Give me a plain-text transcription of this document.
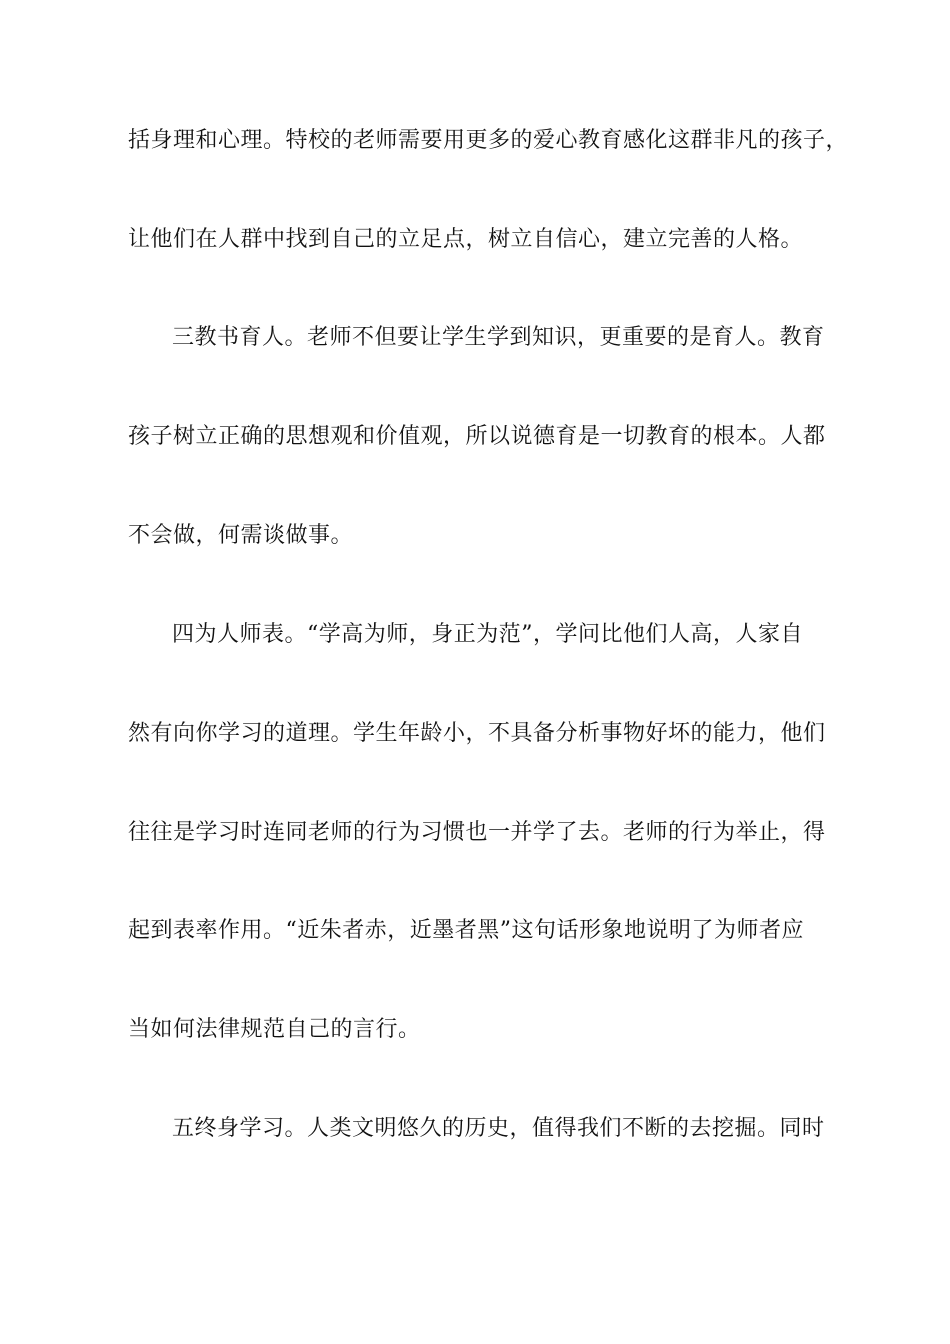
括身理和心理。特校的老师需要用更多的爱心教育感化这群非凡的孩子，
让他们在人群中找到自己的立足点，树立自信心，建立完善的人格。
三教书育人。老师不但要让学生学到知识，更重要的是育人。教育
孩子树立正确的思想观和价值观，所以说德育是一切教育的根本。人都
不会做，何需谈做事。
四为人师表。“学高为师，身正为范”，学问比他们人高，人家自
然有向你学习的道理。学生年龄小，不具备分析事物好坏的能力，他们
往往是学习时连同老师的行为习惯也一并学了去。老师的行为举止，得
起到表率作用。“近朱者赤，近墨者黑”这句话形象地说明了为师者应
当如何法律规范自己的言行。
五终身学习。人类文明悠久的历史，值得我们不断的去挖掘。同时
